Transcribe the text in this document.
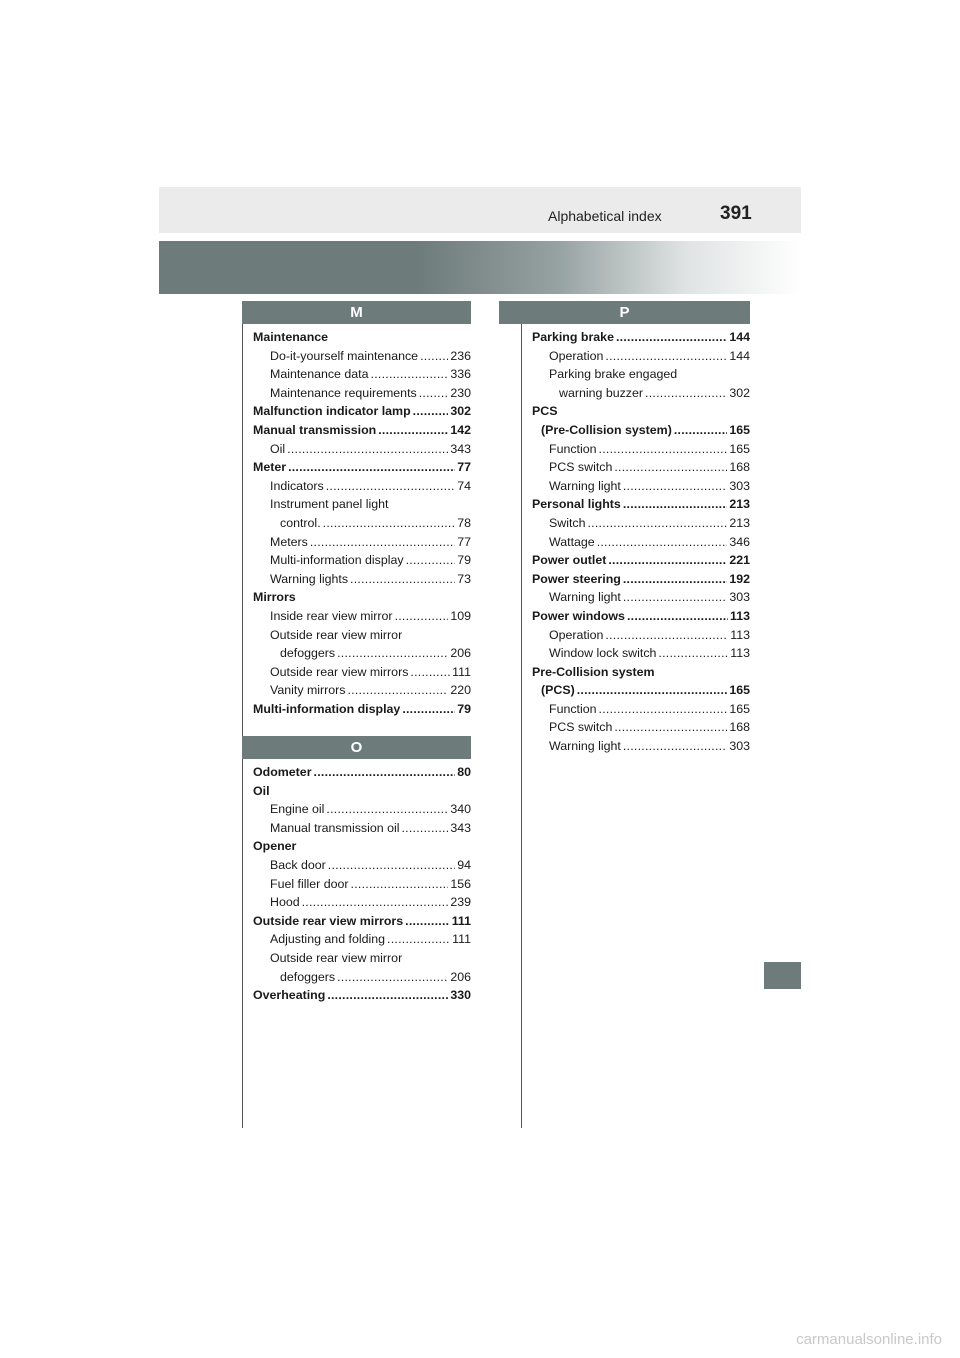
Alphabetical index	391
M
Maintenance
Do-it-yourself maintenance . . .	236
Maintenance data . . .	336
Maintenance requirements . . .	230
Malfunction indicator lamp . . .	302
Manual transmission . . .	142
Oil . . .	343
Meter . . .	77
Indicators . . .	74
Instrument panel light
control. . . .	78
Meters . . .	77
Multi-information display . . .	79
Warning lights . . .	73
Mirrors
Inside rear view mirror . . .	109
Outside rear view mirror
defoggers . . .	206
Outside rear view mirrors . . .	111
Vanity mirrors . . .	220
Multi-information display . . .	79
O
Odometer . . .	80
Oil
Engine oil . . .	340
Manual transmission oil . . .	343
Opener
Back door . . .	94
Fuel filler door . . .	156
Hood . . .	239
Outside rear view mirrors . . .	111
Adjusting and folding . . .	111
Outside rear view mirror
defoggers . . .	206
Overheating . . .	330
P
Parking brake . . .	144
Operation . . .	144
Parking brake engaged
warning buzzer . . .	302
PCS
(Pre-Collision system) . . .	165
Function . . .	165
PCS switch . . .	168
Warning light . . .	303
Personal lights . . .	213
Switch . . .	213
Wattage . . .	346
Power outlet . . .	221
Power steering . . .	192
Warning light . . .	303
Power windows . . .	113
Operation . . .	113
Window lock switch . . .	113
Pre-Collision system
(PCS) . . .	165
Function . . .	165
PCS switch . . .	168
Warning light . . .	303
carmanualsonline.info
